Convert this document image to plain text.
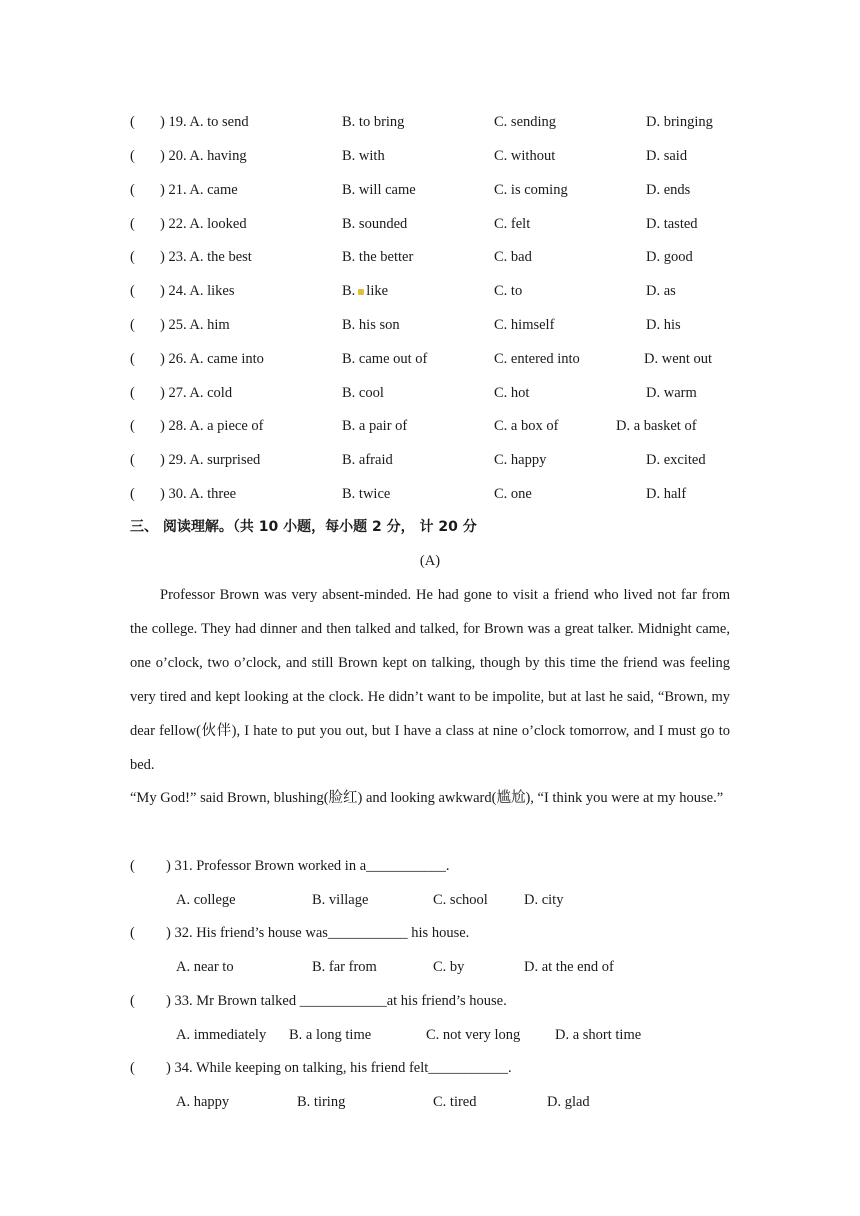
( ) 19. A. to send	B. to bring	C. sending	D. bringing
( ) 20. A. having	B. with	C. without	D. said
( ) 21. A. came	B. will came	C. is coming	D. ends
( ) 22. A. looked	B. sounded	C. felt	D. tasted
( ) 23. A. the best	B. the better	C. bad	D. good
( ) 24. A. likes	B. like	C. to	D. as
( ) 25. A. him	B. his son	C. himself	D. his
( ) 26. A. came into	B. came out of	C. entered into	D. went out
( ) 27. A. cold	B. cool	C. hot	D. warm
( ) 28. A. a piece of	B. a pair of	C. a box of	D. a basket of
( ) 29. A. surprised	B. afraid	C. happy	D. excited
( ) 30. A. three	B. twice	C. one	D. half
三、 阅读理解。（共 10 小题，每小题 2 分， 计 20 分
(A)
Professor Brown was very absent-minded. He had gone to visit a friend who lived not far from the college. They had dinner and then talked and talked, for Brown was a great talker. Midnight came, one o’clock, two o’clock, and still Brown kept on talking, though by this time the friend was feeling very tired and kept looking at the clock. He didn’t want to be impolite, but at last he said, “Brown, my dear fellow(伙伴), I hate to put you out, but I have a class at nine o’clock tomorrow, and I must go to bed.
“My God!” said Brown, blushing(脸红) and looking awkward(尴尬), “I think you were at my house.”
( ) 31. Professor Brown worked in a___________.
A. college	B. village	C. school D. city
( ) 32. His friend’s house was___________ his house.
A. near to	B. far from	C. by	D. at the end of
( ) 33. Mr Brown talked ____________at his friend’s house.
A. immediately B. a long time	C. not very long D. a short time
( ) 34. While keeping on talking, his friend felt___________.
A. happy	B. tiring	C. tired	D. glad
